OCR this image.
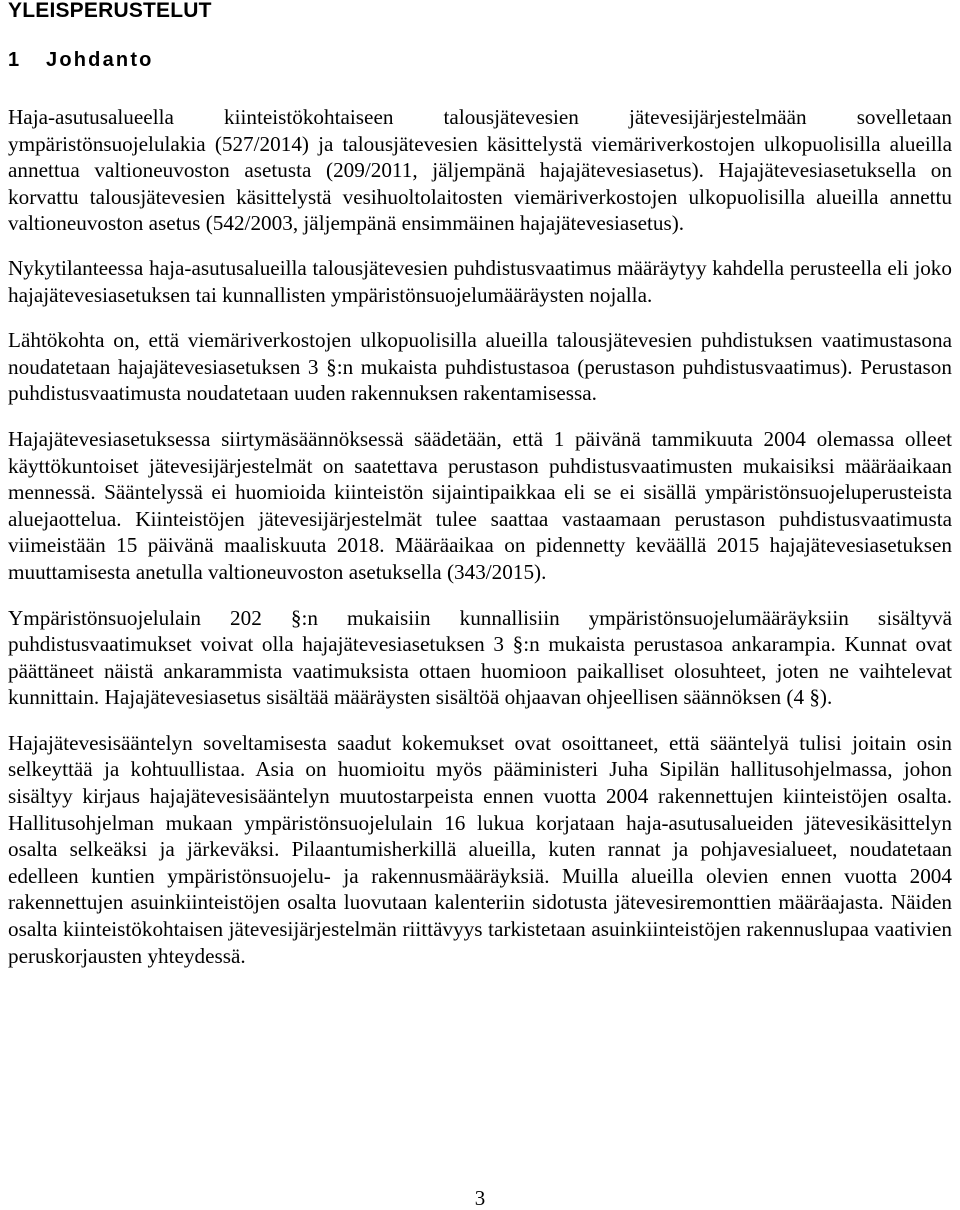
YLEISPERUSTELUT
1 Johdanto

Haja-asutusalueella kiinteistökohtaiseen talousjätevesien jätevesijärjestelmään sovelletaan ympäristönsuojelulakia (527/2014) ja talousjätevesien käsittelystä viemäriverkostojen ulkopuolisilla alueilla annettua valtioneuvoston asetusta (209/2011, jäljempänä hajajätevesiasetus). Hajajätevesiasetuksella on korvattu talousjätevesien käsittelystä vesihuoltolaitosten viemäriverkostojen ulkopuolisilla alueilla annettu valtioneuvoston asetus (542/2003, jäljempänä ensimmäinen hajajätevesiasetus).

Nykytilanteessa haja-asutusalueilla talousjätevesien puhdistusvaatimus määräytyy kahdella perusteella eli joko hajajätevesiasetuksen tai kunnallisten ympäristönsuojelumääräysten nojalla.

Lähtökohta on, että viemäriverkostojen ulkopuolisilla alueilla talousjätevesien puhdistuksen vaatimustasona noudatetaan hajajätevesiasetuksen 3 §:n mukaista puhdistustasoa (perustason puhdistusvaatimus). Perustason puhdistusvaatimusta noudatetaan uuden rakennuksen rakentamisessa.

Hajajätevesiasetuksessa siirtymäsäännöksessä säädetään, että 1 päivänä tammikuuta 2004 olemassa olleet käyttökuntoiset jätevesijärjestelmät on saatettava perustason puhdistusvaatimusten mukaisiksi määräaikaan mennessä. Sääntelyssä ei huomioida kiinteistön sijaintipaikkaa eli se ei sisällä ympäristönsuojeluperusteista aluejaottelua. Kiinteistöjen jätevesijärjestelmät tulee saattaa vastaamaan perustason puhdistusvaatimusta viimeistään 15 päivänä maaliskuuta 2018. Määräaikaa on pidennetty keväällä 2015 hajajätevesiasetuksen muuttamisesta anetulla valtioneuvoston asetuksella (343/2015).

Ympäristönsuojelulain 202 §:n mukaisiin kunnallisiin ympäristönsuojelumääräyksiin sisältyvä puhdistusvaatimukset voivat olla hajajätevesiasetuksen 3 §:n mukaista perustasoa ankarampia. Kunnat ovat päättäneet näistä ankarammista vaatimuksista ottaen huomioon paikalliset olosuhteet, joten ne vaihtelevat kunnittain. Hajajätevesiasetus sisältää määräysten sisältöä ohjaavan ohjeellisen säännöksen (4 §).

Hajajätevesisääntelyn soveltamisesta saadut kokemukset ovat osoittaneet, että sääntelyä tulisi joitain osin selkeyttää ja kohtuullistaa. Asia on huomioitu myös pääministeri Juha Sipilän hallitusohjelmassa, johon sisältyy kirjaus hajajätevesisääntelyn muutostarpeista ennen vuotta 2004 rakennettujen kiinteistöjen osalta. Hallitusohjelman mukaan ympäristönsuojelulain 16 lukua korjataan haja-asutusalueiden jätevesikäsittelyn osalta selkeäksi ja järkeväksi. Pilaantumisherkillä alueilla, kuten rannat ja pohjavesialueet, noudatetaan edelleen kuntien ympäristönsuojelu- ja rakennusmääräyksiä. Muilla alueilla olevien ennen vuotta 2004 rakennettujen asuinkiinteistöjen osalta luovutaan kalenteriin sidotusta jätevesiremonttien määräajasta. Näiden osalta kiinteistökohtaisen jätevesijärjestelmän riittävyys tarkistetaan asuinkiinteistöjen rakennuslupaa vaativien peruskorjausten yhteydessä.

3
